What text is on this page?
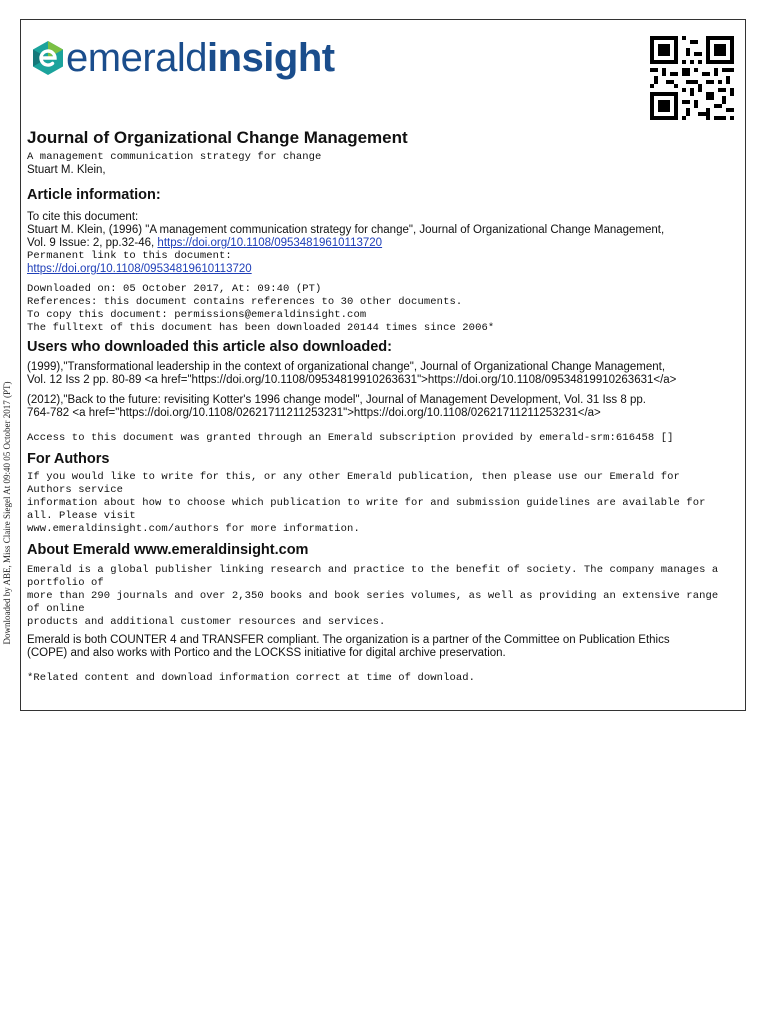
Downloaded by ABE, Miss Claire Siegel At 09:40 05 October 2017 (PT)
emeraldinsight
Journal of Organizational Change Management
A management communication strategy for change
Stuart M. Klein,
Article information:
To cite this document:
Stuart M. Klein, (1996) "A management communication strategy for change", Journal of Organizational Change Management,
Vol. 9 Issue: 2, pp.32-46, https://doi.org/10.1108/09534819610113720
Permanent link to this document:
https://doi.org/10.1108/09534819610113720
Downloaded on: 05 October 2017, At: 09:40 (PT)
References: this document contains references to 30 other documents.
To copy this document: permissions@emeraldinsight.com
The fulltext of this document has been downloaded 20144 times since 2006*
Users who downloaded this article also downloaded:
(1999),"Transformational leadership in the context of organizational change", Journal of Organizational Change Management,
Vol. 12 Iss 2 pp. 80-89 <a href="https://doi.org/10.1108/09534819910263631">https://doi.org/10.1108/09534819910263631</a>
(2012),"Back to the future: revisiting Kotter's 1996 change model", Journal of Management Development, Vol. 31 Iss 8 pp.
764-782 <a href="https://doi.org/10.1108/02621711211253231">https://doi.org/10.1108/02621711211253231</a>
Access to this document was granted through an Emerald subscription provided by emerald-srm:616458 []
For Authors
If you would like to write for this, or any other Emerald publication, then please use our Emerald for Authors service
information about how to choose which publication to write for and submission guidelines are available for all. Please visit
www.emeraldinsight.com/authors for more information.
About Emerald www.emeraldinsight.com
Emerald is a global publisher linking research and practice to the benefit of society. The company manages a portfolio of
more than 290 journals and over 2,350 books and book series volumes, as well as providing an extensive range of online
products and additional customer resources and services.
Emerald is both COUNTER 4 and TRANSFER compliant. The organization is a partner of the Committee on Publication Ethics
(COPE) and also works with Portico and the LOCKSS initiative for digital archive preservation.
*Related content and download information correct at time of download.
